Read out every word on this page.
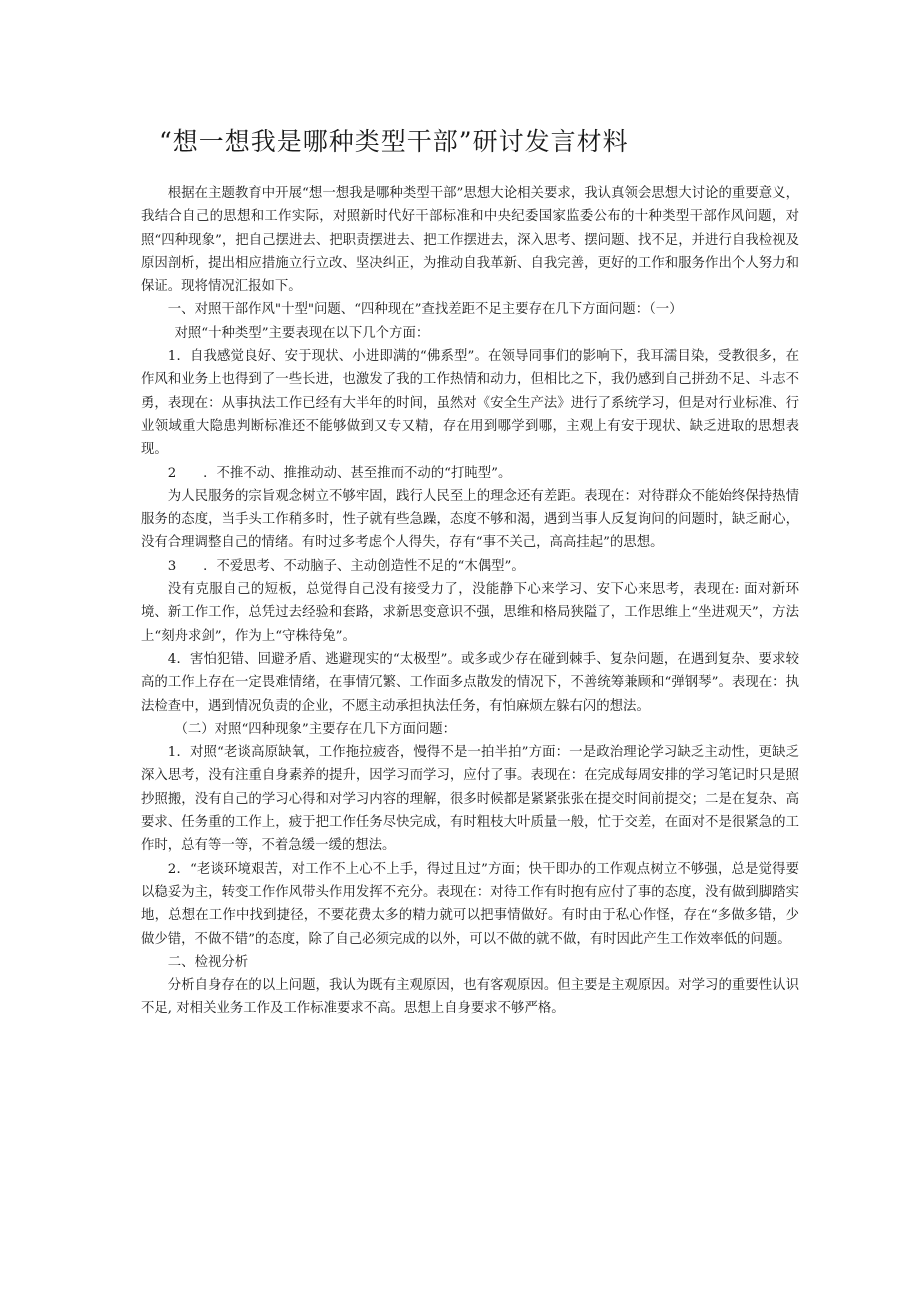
“想一想我是哪种类型干部”研讨发言材料

根据在主题教育中开展“想一想我是哪种类型干部”思想大论相关要求，我认真领会思想大讨论的重要意义，我结合自己的思想和工作实际，对照新时代好干部标准和中央纪委国家监委公布的十种类型干部作风问题，对照“四种现象”，把自己摆进去、把职责摆进去、把工作摆进去，深入思考、摆问题、找不足，并进行自我检视及原因剖析，提出相应措施立行立改、坚决纠正，为推动自我革新、自我完善，更好的工作和服务作出个人努力和保证。现将情况汇报如下。

一、对照干部作风"十型"问题、“四种现在”查找差距不足主要存在几下方面问题：（一）

对照“十种类型”主要表现在以下几个方面：

1．自我感觉良好、安于现状、小进即满的“佛系型”。在领导同事们的影响下，我耳濡目染，受教很多，在作风和业务上也得到了一些长进，也激发了我的工作热情和动力，但相比之下，我仍感到自己拼劲不足、斗志不勇，表现在：从事执法工作已经有大半年的时间，虽然对《安全生产法》进行了系统学习，但是对行业标准、行业领域重大隐患判断标准还不能够做到又专又精，存在用到哪学到哪，主观上有安于现状、缺乏进取的思想表现。

2　　．不推不动、推推动动、甚至推而不动的“打盹型”。

为人民服务的宗旨观念树立不够牢固，践行人民至上的理念还有差距。表现在：对待群众不能始终保持热情服务的态度，当手头工作稍多时，性子就有些急躁，态度不够和渴，遇到当事人反复询问的问题时，缺乏耐心，没有合理调整自己的情绪。有时过多考虑个人得失，存有“事不关己，高高挂起”的思想。

3　　．不爱思考、不动脑子、主动创造性不足的“木偶型”。

没有克服自己的短板，总觉得自己没有接受力了，没能静下心来学习、安下心来思考，表现在: 面对新环境、新工作工作，总凭过去经验和套路，求新思变意识不强，思维和格局狭隘了，工作思维上“坐进观天”，方法上“刻舟求剑”，作为上“守株待兔”。

4．害怕犯错、回避矛盾、逃避现实的“太极型”。或多或少存在碰到棘手、复杂问题，在遇到复杂、要求较高的工作上存在一定畏难情绪，在事情冗繁、工作面多点散发的情况下，不善统筹兼顾和“弹钢琴”。表现在：执法检查中，遇到情况负责的企业，不愿主动承担执法任务，有怕麻烦左躲右闪的想法。

（二）对照“四种现象”主要存在几下方面问题：

1．对照“老谈高原缺氧，工作拖拉疲沓，慢得不是一拍半拍”方面：一是政治理论学习缺乏主动性，更缺乏深入思考，没有注重自身素养的提升，因学习而学习，应付了事。表现在：在完成每周安排的学习笔记时只是照抄照搬，没有自己的学习心得和对学习内容的理解，很多时候都是紧紧张张在提交时间前提交；二是在复杂、高要求、任务重的工作上，疲于把工作任务尽快完成，有时粗枝大叶质量一般，忙于交差，在面对不是很紧急的工作时，总有等一等，不着急缓一缓的想法。

2．“老谈环境艰苦，对工作不上心不上手，得过且过”方面；快干即办的工作观点树立不够强，总是觉得要以稳妥为主，转变工作作风带头作用发挥不充分。表现在：对待工作有时抱有应付了事的态度，没有做到脚踏实地，总想在工作中找到捷径，不要花费太多的精力就可以把事情做好。有时由于私心作怪，存在“多做多错，少做少错，不做不错”的态度，除了自己必须完成的以外，可以不做的就不做，有时因此产生工作效率低的问题。

二、检视分析

分析自身存在的以上问题，我认为既有主观原因，也有客观原因。但主要是主观原因。对学习的重要性认识不足, 对相关业务工作及工作标准要求不高。思想上自身要求不够严格。
